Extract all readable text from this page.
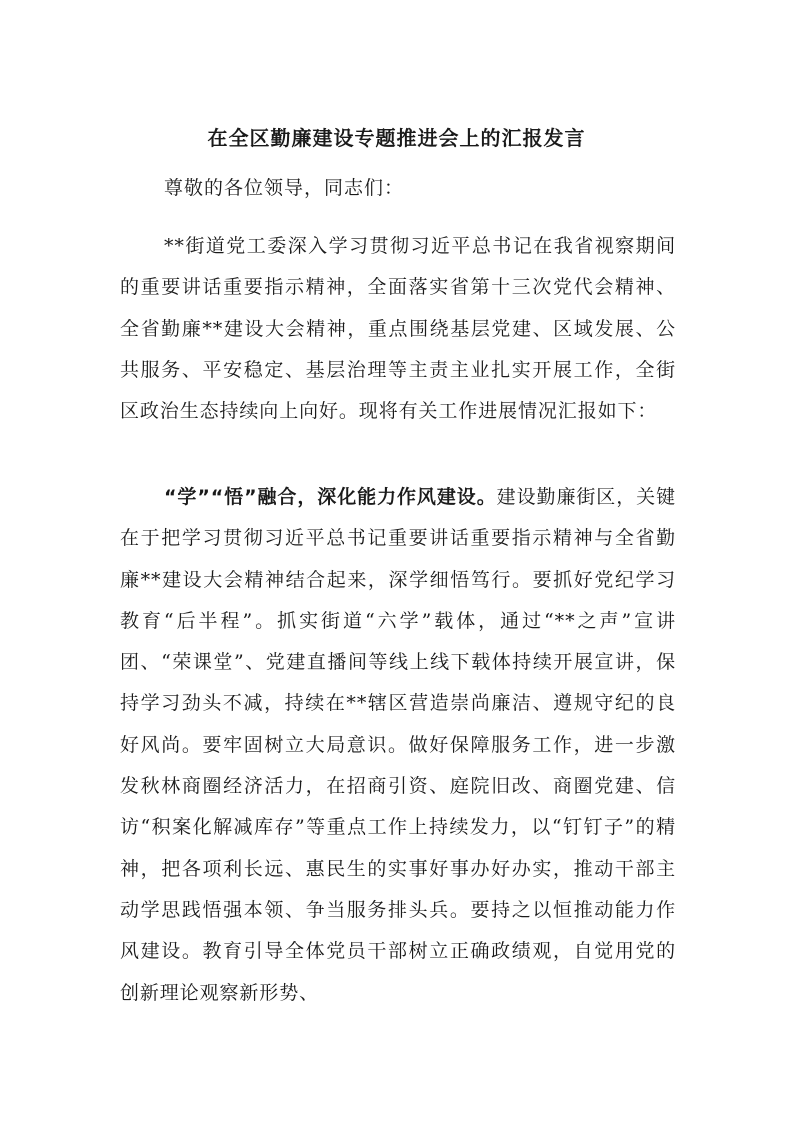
在全区勤廉建设专题推进会上的汇报发言

尊敬的各位领导，同志们：

**街道党工委深入学习贯彻习近平总书记在我省视察期间的重要讲话重要指示精神，全面落实省第十三次党代会精神、全省勤廉**建设大会精神，重点围绕基层党建、区域发展、公共服务、平安稳定、基层治理等主责主业扎实开展工作，全街区政治生态持续向上向好。现将有关工作进展情况汇报如下：

“学”“悟”融合，深化能力作风建设。建设勤廉街区，关键在于把学习贯彻习近平总书记重要讲话重要指示精神与全省勤廉**建设大会精神结合起来，深学细悟笃行。要抓好党纪学习教育“后半程”。抓实街道“六学”载体，通过“**之声”宣讲团、“荣课堂”、党建直播间等线上线下载体持续开展宣讲，保持学习劲头不减，持续在**辖区营造崇尚廉洁、遵规守纪的良好风尚。要牢固树立大局意识。做好保障服务工作，进一步激发秋林商圈经济活力，在招商引资、庭院旧改、商圈党建、信访“积案化解减库存”等重点工作上持续发力，以“钉钉子”的精神，把各项利长远、惠民生的实事好事办好办实，推动干部主动学思践悟强本领、争当服务排头兵。要持之以恒推动能力作风建设。教育引导全体党员干部树立正确政绩观，自觉用党的创新理论观察新形势、
